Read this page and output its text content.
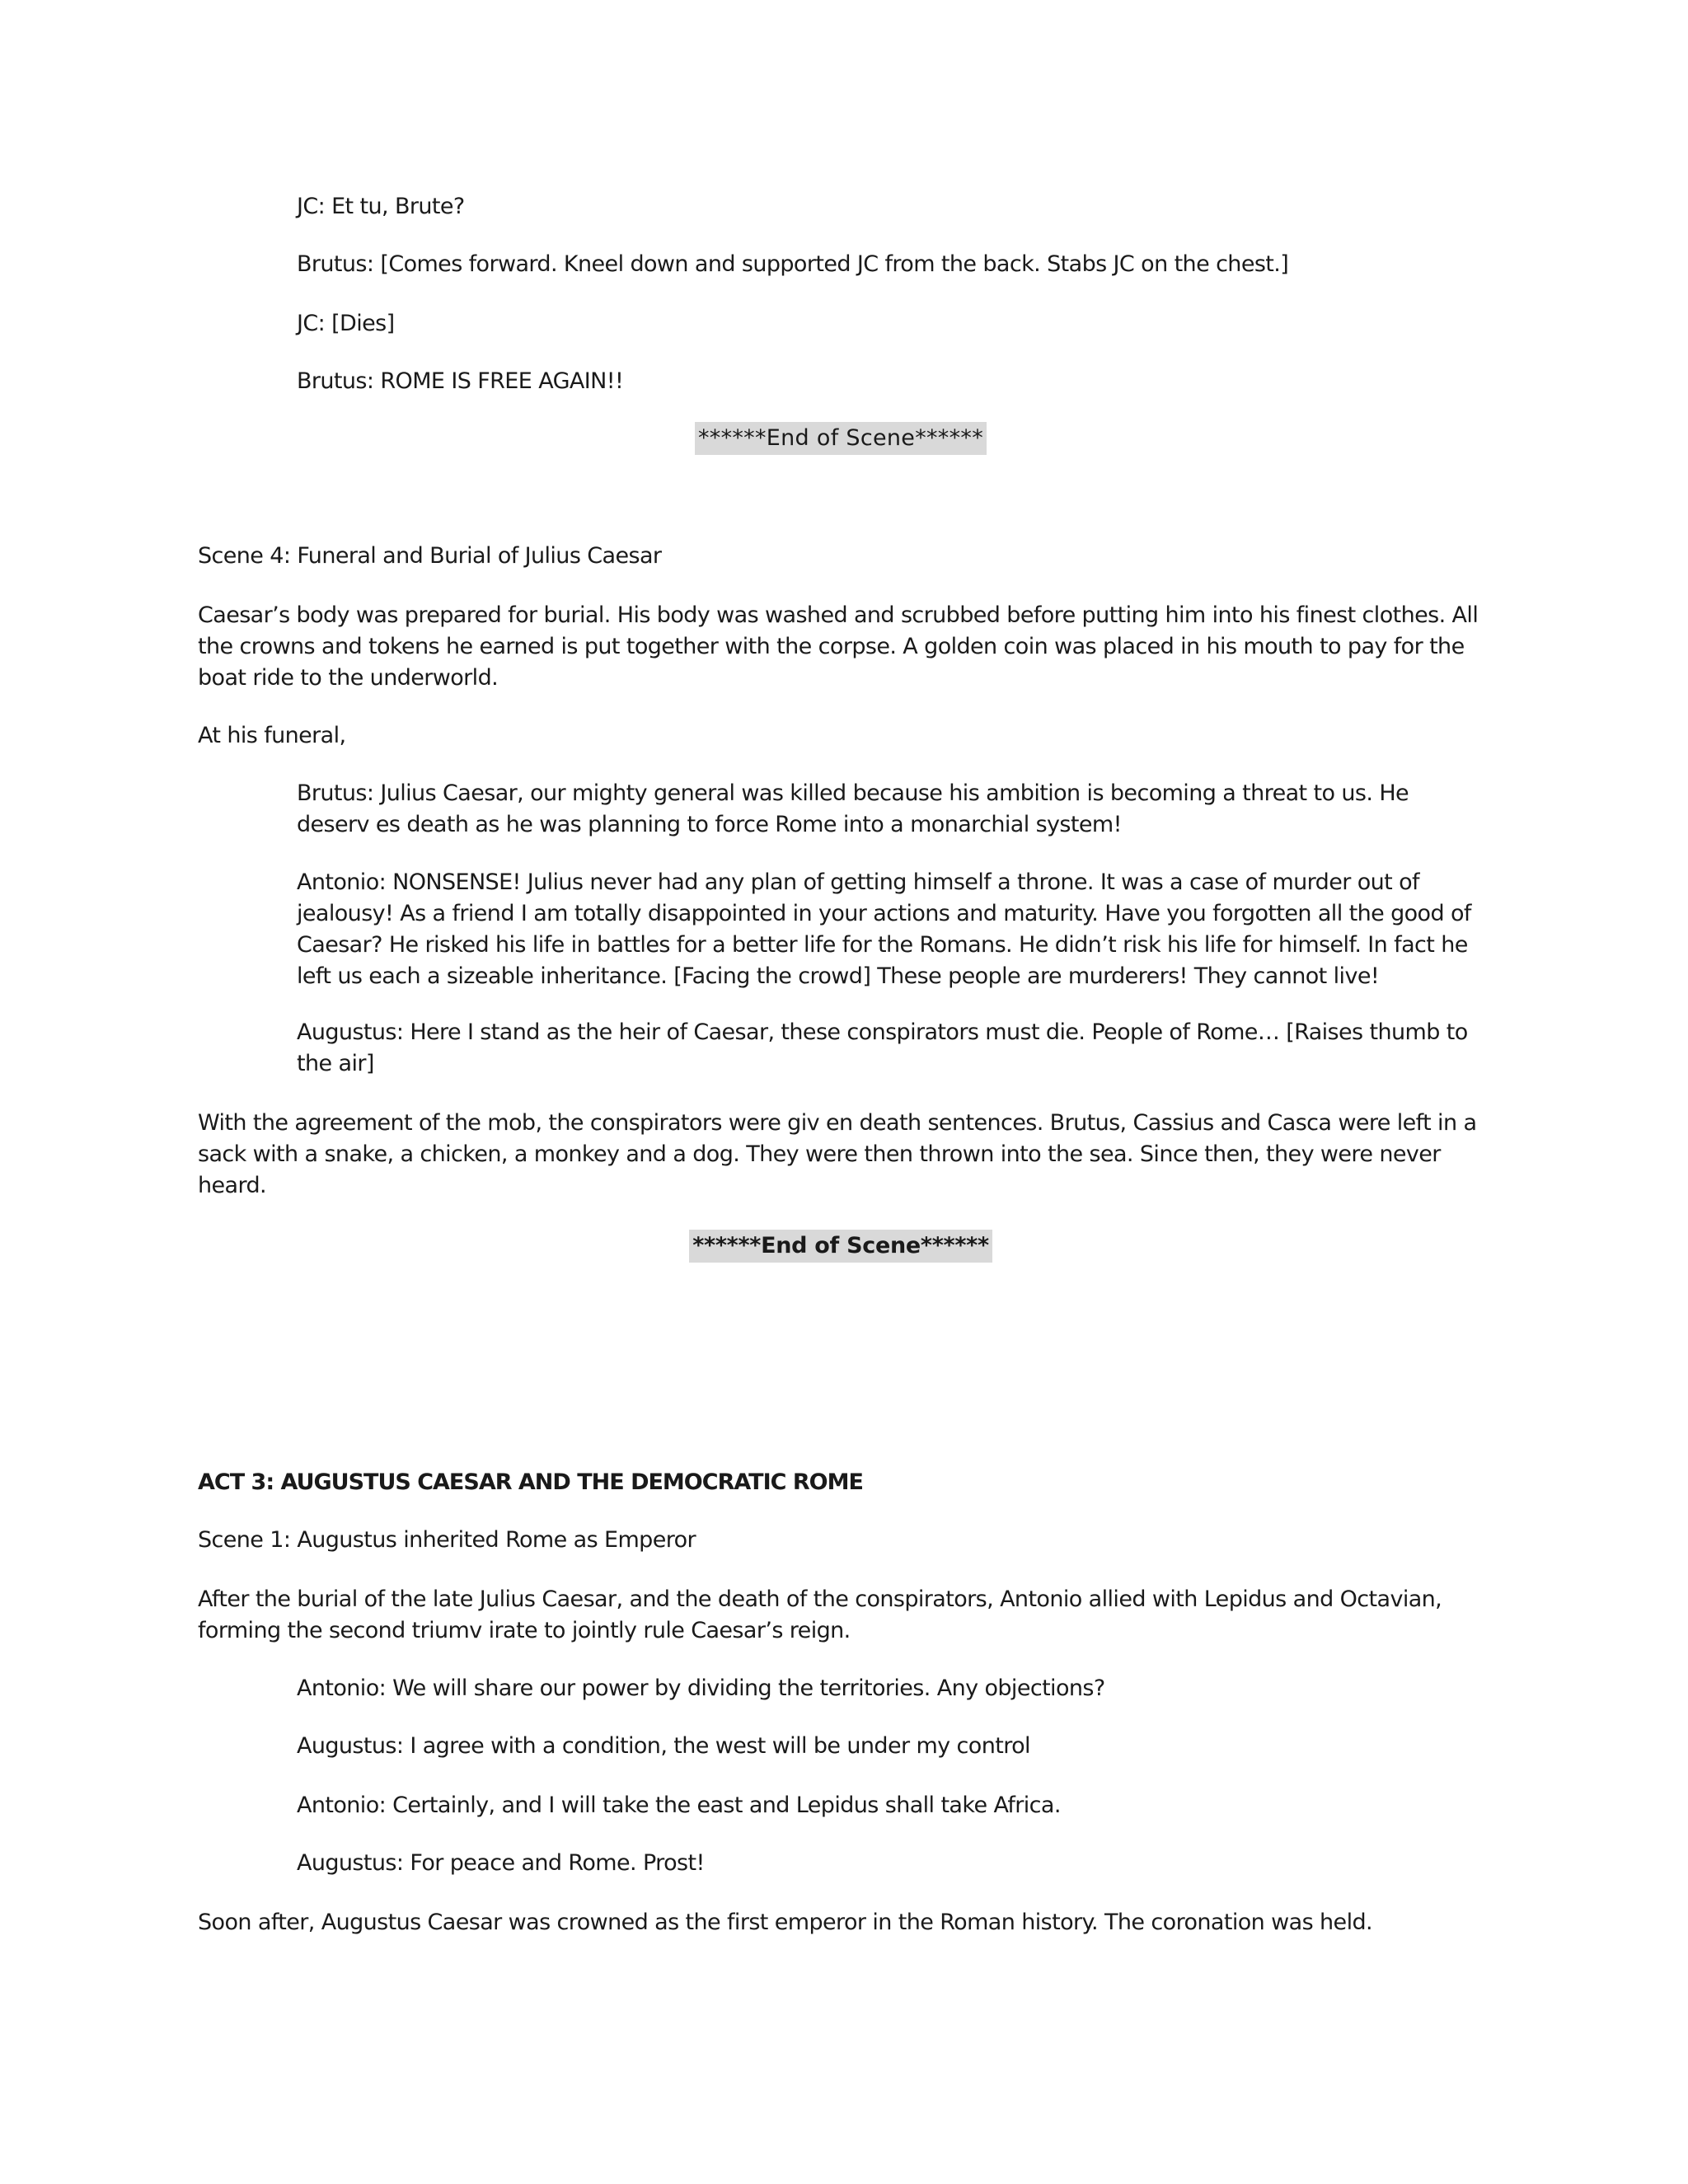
JC: Et tu, Brute?

Brutus: [Comes forward. Kneel down and supported JC from the back. Stabs JC on the chest.]

JC: [Dies]

Brutus: ROME IS FREE AGAIN!!

******End of Scene******

Scene 4: Funeral and Burial of Julius Caesar

Caesar’s body was prepared for burial. His body was washed and scrubbed before putting him into his finest clothes. All the crowns and tokens he earned is put together with the corpse. A golden coin was placed in his mouth to pay for the boat ride to the underworld.

At his funeral,

Brutus: Julius Caesar, our mighty general was killed because his ambition is becoming a threat to us. He deserv es death as he was planning to force Rome into a monarchial system!

Antonio: NONSENSE! Julius never had any plan of getting himself a throne. It was a case of murder out of jealousy! As a friend I am totally disappointed in your actions and maturity. Have you forgotten all the good of Caesar? He risked his life in battles for a better life for the Romans. He didn’t risk his life for himself. In fact he left us each a sizeable inheritance. [Facing the crowd] These people are murderers! They cannot live!

Augustus: Here I stand as the heir of Caesar, these conspirators must die. People of Rome… [Raises thumb to the air]

With the agreement of the mob, the conspirators were giv en death sentences. Brutus, Cassius and Casca were left in a sack with a snake, a chicken, a monkey and a dog. They were then thrown into the sea. Since then, they were never heard.

******End of Scene******

ACT 3: AUGUSTUS CAESAR AND THE DEMOCRATIC ROME

Scene 1: Augustus inherited Rome as Emperor

After the burial of the late Julius Caesar, and the death of the conspirators, Antonio allied with Lepidus and Octavian, forming the second triumv irate to jointly rule Caesar’s reign.

Antonio: We will share our power by dividing the territories. Any objections?

Augustus: I agree with a condition, the west will be under my control

Antonio: Certainly, and I will take the east and Lepidus shall take Africa.

Augustus: For peace and Rome. Prost!

Soon after, Augustus Caesar was crowned as the first emperor in the Roman history. The coronation was held.
